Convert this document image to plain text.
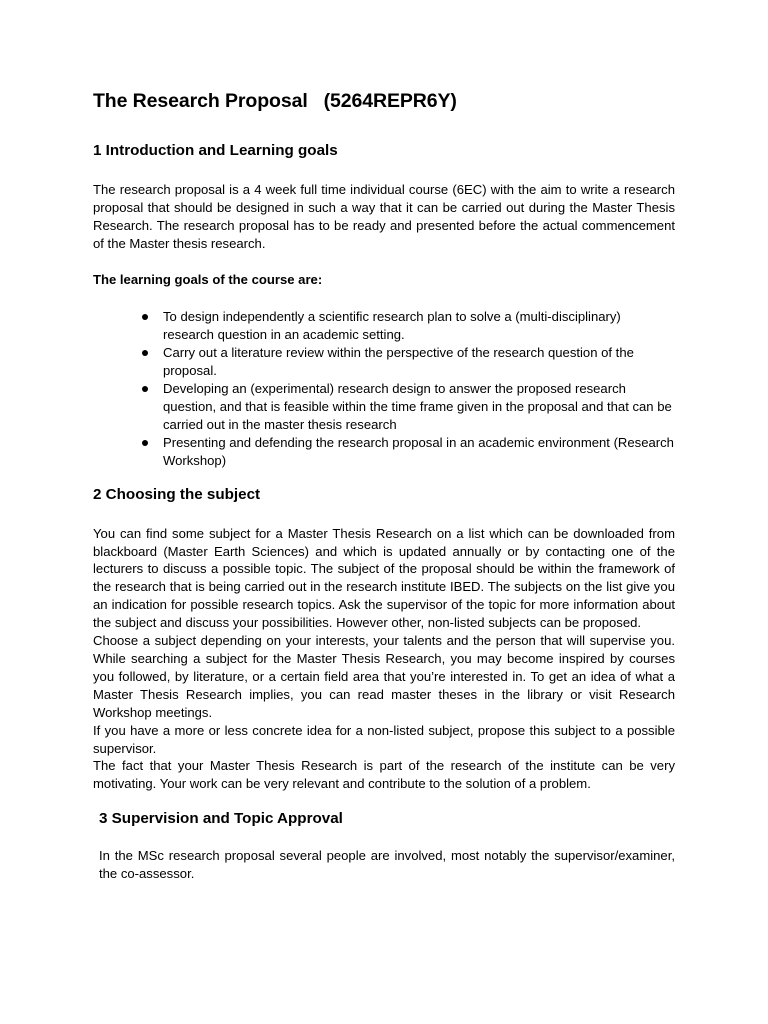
The Research Proposal   (5264REPR6Y)
1 Introduction and Learning goals

The research proposal is a 4 week full time individual course (6EC) with the aim to write a research proposal that should be designed in such a way that it can be carried out during the Master Thesis Research. The research proposal has to be ready and presented before the actual commencement of the Master thesis research.

The learning goals of the course are:
To design independently a scientific research plan to solve a (multi-disciplinary) research question in an academic setting.
Carry out a literature review within the perspective of the research question of the proposal.
Developing an (experimental) research design to answer the proposed research question, and that is feasible within the time frame given in the proposal and that can be carried out in the master thesis research
Presenting and defending the research proposal in an academic environment (Research Workshop)
2 Choosing the subject

You can find some subject for a Master Thesis Research on a list which can be downloaded from blackboard (Master Earth Sciences) and which is updated annually or by contacting one of the lecturers to discuss a possible topic. The subject of the proposal should be within the framework of the research that is being carried out in the research institute IBED. The subjects on the list give you an indication for possible research topics. Ask the supervisor of the topic for more information about the subject and discuss your possibilities. However other, non-listed subjects can be proposed.

Choose a subject depending on your interests, your talents and the person that will supervise you. While searching a subject for the Master Thesis Research, you may become inspired by courses you followed, by literature, or a certain field area that you’re interested in. To get an idea of what a Master Thesis Research implies, you can read master theses in the library or visit Research Workshop meetings.

If you have a more or less concrete idea for a non-listed subject, propose this subject to a possible supervisor.

The fact that your Master Thesis Research is part of the research of the institute can be very motivating. Your work can be very relevant and contribute to the solution of a problem.

3 Supervision and Topic Approval

In the MSc research proposal several people are involved, most notably the supervisor/examiner, the co-assessor.
